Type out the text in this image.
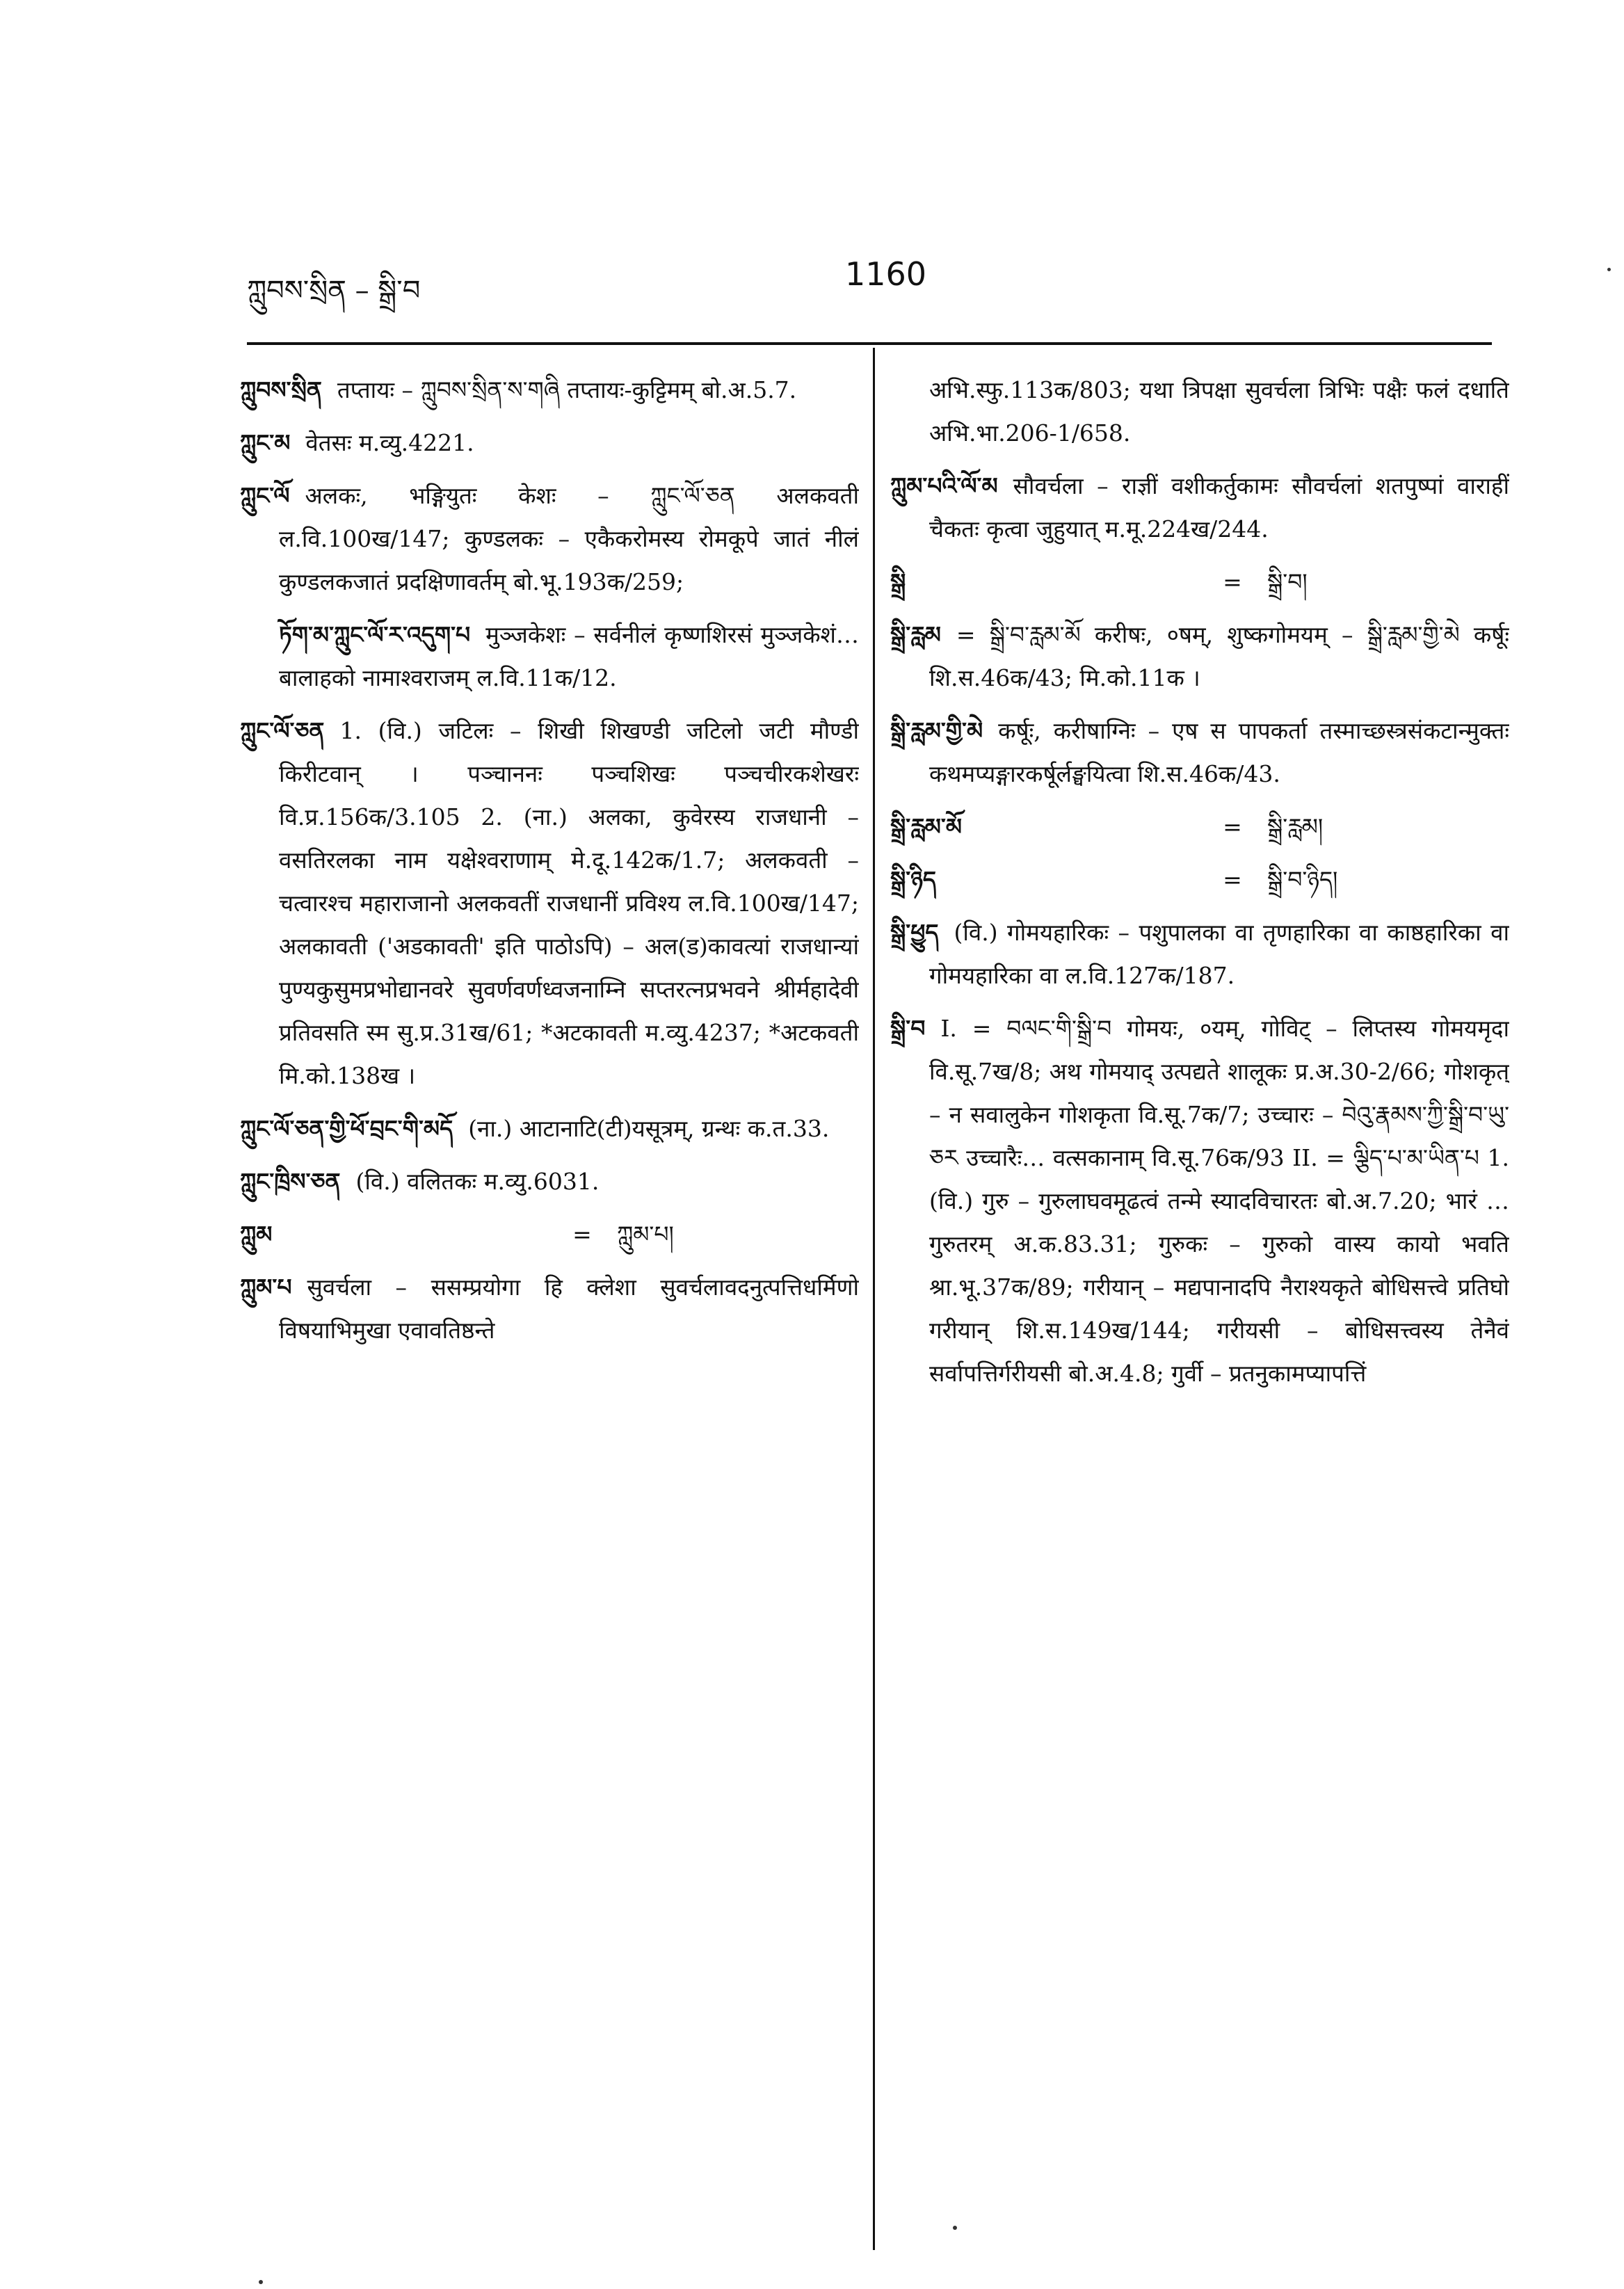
ཀླུབས་སྲིན – སྒྲི་བ	1160
ཀླུབས་སྲིན तप्तायः – ཀླུབས་སྲིན་ས་གཞི तप्तायः-कुट्टिमम् बो.अ.5.7.
ཀླུང་མ वेतसः म.व्यु.4221.
ཀླུང་ལོ अलकः, भङ्गियुतः केशः – ཀླུང་ལོ་ཅན अलकवती ल.वि.100ख/147; कुण्डलकः – एकैकरोमस्य रोमकूपे जातं नीलं कुण्डलकजातं प्रदक्षिणावर्तम् बो.भू.193क/259;
ཏོག་མ་ཀླུང་ལོ་ར་འདུག་པ मुञ्जकेशः – सर्वनीलं कृष्णशिरसं मुञ्जकेशं… बालाहको नामाश्वराजम् ल.वि.11क/12.
ཀླུང་ལོ་ཅན 1. (वि.) जटिलः – शिखी शिखण्डी जटिलो जटी मौण्डी किरीटवान् । पञ्चाननः पञ्चशिखः पञ्चचीरकशेखरः वि.प्र.156क/3.105 2. (ना.) अलका, कुवेरस्य राजधानी – वसतिरलका नाम यक्षेश्वराणाम् मे.दू.142क/1.7; अलकवती – चत्वारश्च महाराजानो अलकवतीं राजधानीं प्रविश्य ल.वि.100ख/147; अलकावती ('अडकावती' इति पाठोऽपि) – अल(ड)कावत्यां राजधान्यां पुण्यकुसुमप्रभोद्यानवरे सुवर्णवर्णध्वजनाम्नि सप्तरत्नप्रभवने श्रीर्महादेवी प्रतिवसति स्म सु.प्र.31ख/61; *अटकावती म.व्यु.4237; *अटकवती मि.को.138ख ।
ཀླུང་ལོ་ཅན་གྱི་ཕོ་བྲང་གི་མདོ (ना.) आटानाटि(टी)यसूत्रम्, ग्रन्थः क.त.33.
ཀླུང་ཁྲིས་ཅན (वि.) वलितकः म.व्यु.6031.
ཀླུམ	=	ཀླུམ་པ།
ཀླུམ་པ सुवर्चला – ससम्प्रयोगा हि क्लेशा सुवर्चलावदनुत्पत्तिधर्मिणो विषयाभिमुखा एवावतिष्ठन्ते
अभि.स्फु.113क/803; यथा त्रिपक्षा सुवर्चला त्रिभिः पक्षैः फलं दधाति अभि.भा.206-1/658.
ཀླུམ་པའི་ལོ་མ सौवर्चला – राज्ञीं वशीकर्तुकामः सौवर्चलां शतपुष्पां वाराहीं चैकतः कृत्वा जुहुयात् म.मू.224ख/244.
སྒྲི	=	སྒྲི་བ།
སྒྲི་རླམ = སྒྲི་བ་རླམ་མོ करीषः, ०षम्, शुष्कगोमयम् – སྒྲི་རླམ་གྱི་མེ कर्षूः शि.स.46क/43; मि.को.11क ।
སྒྲི་རླམ་གྱི་མེ कर्षूः, करीषाग्निः – एष स पापकर्ता तस्माच्छस्त्रसंकटान्मुक्तः कथमप्यङ्गारकर्षूर्लङ्घयित्वा शि.स.46क/43.
སྒྲི་རླམ་མོ	=	སྒྲི་རླམ།
སྒྲི་ཉིད	=	སྒྲི་བ་ཉིད།
སྒྲི་ཕྱུད (वि.) गोमयहारिकः – पशुपालका वा तृणहारिका वा काष्ठहारिका वा गोमयहारिका वा ल.वि.127क/187.
སྒྲི་བ I. = བལང་གི་སྒྲི་བ गोमयः, ०यम्, गोविट् – लिप्तस्य गोमयमृदा वि.सू.7ख/8; अथ गोमयाद् उत्पद्यते शालूकः प्र.अ.30-2/66; गोशकृत् – न सवालुकेन गोशकृता वि.सू.7क/7; उच्चारः – བེའུ་རྣམས་ཀྱི་སྒྲི་བ་ཡུ་ཅར उच्चारैः… वत्सकानाम् वि.सू.76क/93 II. = ལྕིད་པ་མ་ཡིན་པ 1. (वि.) गुरु – गुरुलाघवमूढत्वं तन्मे स्यादविचारतः बो.अ.7.20; भारं … गुरुतरम् अ.क.83.31; गुरुकः – गुरुको वास्य कायो भवति श्रा.भू.37क/89; गरीयान् – मद्यपानादपि नैराश्यकृते बोधिसत्त्वे प्रतिघो गरीयान् शि.स.149ख/144; गरीयसी – बोधिसत्त्वस्य तेनैवं सर्वापत्तिर्गरीयसी बो.अ.4.8; गुर्वी – प्रतनुकामप्यापत्तिं
